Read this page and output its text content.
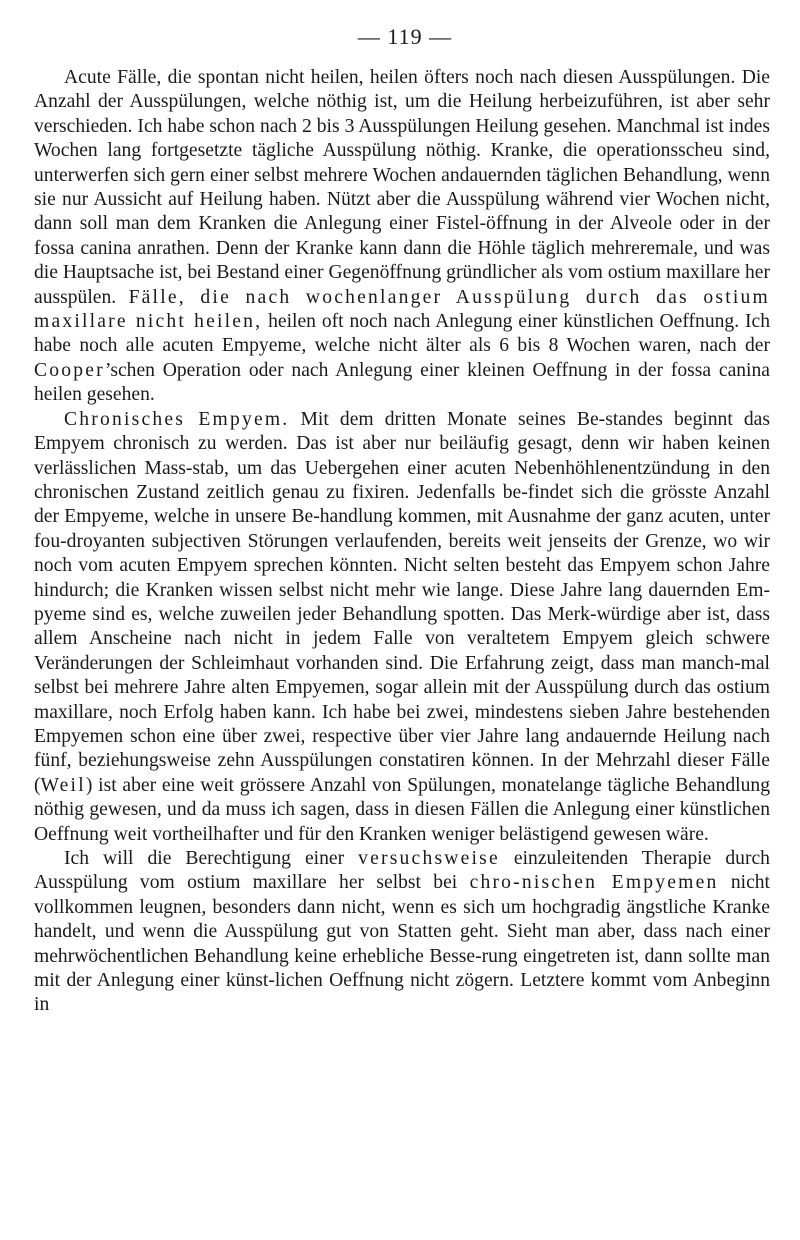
— 119 —

Acute Fälle, die spontan nicht heilen, heilen öfters noch nach diesen Ausspülungen. Die Anzahl der Ausspülungen, welche nöthig ist, um die Heilung herbeizuführen, ist aber sehr verschieden. Ich habe schon nach 2 bis 3 Ausspülungen Heilung gesehen. Manchmal ist indes Wochen lang fortgesetzte tägliche Ausspülung nöthig. Kranke, die operationsscheu sind, unterwerfen sich gern einer selbst mehrere Wochen andauernden täglichen Behandlung, wenn sie nur Aussicht auf Heilung haben. Nützt aber die Ausspülung während vier Wochen nicht, dann soll man dem Kranken die Anlegung einer Fistel-öffnung in der Alveole oder in der fossa canina anrathen. Denn der Kranke kann dann die Höhle täglich mehreremale, und was die Hauptsache ist, bei Bestand einer Gegenöffnung gründlicher als vom ostium maxillare her ausspülen. Fälle, die nach wochenlanger Ausspülung durch das ostium maxillare nicht heilen, heilen oft noch nach Anlegung einer künstlichen Oeffnung. Ich habe noch alle acuten Empyeme, welche nicht älter als 6 bis 8 Wochen waren, nach der Cooper’schen Operation oder nach Anlegung einer kleinen Oeffnung in der fossa canina heilen gesehen.

Chronisches Empyem. Mit dem dritten Monate seines Be-standes beginnt das Empyem chronisch zu werden. Das ist aber nur beiläufig gesagt, denn wir haben keinen verlässlichen Mass-stab, um das Uebergehen einer acuten Nebenhöhlenentzündung in den chronischen Zustand zeitlich genau zu fixiren. Jedenfalls be-findet sich die grösste Anzahl der Empyeme, welche in unsere Be-handlung kommen, mit Ausnahme der ganz acuten, unter fou-droyanten subjectiven Störungen verlaufenden, bereits weit jenseits der Grenze, wo wir noch vom acuten Empyem sprechen könnten. Nicht selten besteht das Empyem schon Jahre hindurch; die Kranken wissen selbst nicht mehr wie lange. Diese Jahre lang dauernden Em-pyeme sind es, welche zuweilen jeder Behandlung spotten. Das Merk-würdige aber ist, dass allem Anscheine nach nicht in jedem Falle von veraltetem Empyem gleich schwere Veränderungen der Schleimhaut vorhanden sind. Die Erfahrung zeigt, dass man manch-mal selbst bei mehrere Jahre alten Empyemen, sogar allein mit der Ausspülung durch das ostium maxillare, noch Erfolg haben kann. Ich habe bei zwei, mindestens sieben Jahre bestehenden Empyemen schon eine über zwei, respective über vier Jahre lang andauernde Heilung nach fünf, beziehungsweise zehn Ausspülungen constatiren können. In der Mehrzahl dieser Fälle (Weil) ist aber eine weit grössere Anzahl von Spülungen, monatelange tägliche Behandlung nöthig gewesen, und da muss ich sagen, dass in diesen Fällen die Anlegung einer künstlichen Oeffnung weit vortheilhafter und für den Kranken weniger belästigend gewesen wäre.

Ich will die Berechtigung einer versuchsweise einzuleitenden Therapie durch Ausspülung vom ostium maxillare her selbst bei chro-nischen Empyemen nicht vollkommen leugnen, besonders dann nicht, wenn es sich um hochgradig ängstliche Kranke handelt, und wenn die Ausspülung gut von Statten geht. Sieht man aber, dass nach einer mehrwöchentlichen Behandlung keine erhebliche Besse-rung eingetreten ist, dann sollte man mit der Anlegung einer künst-lichen Oeffnung nicht zögern. Letztere kommt vom Anbeginn in
